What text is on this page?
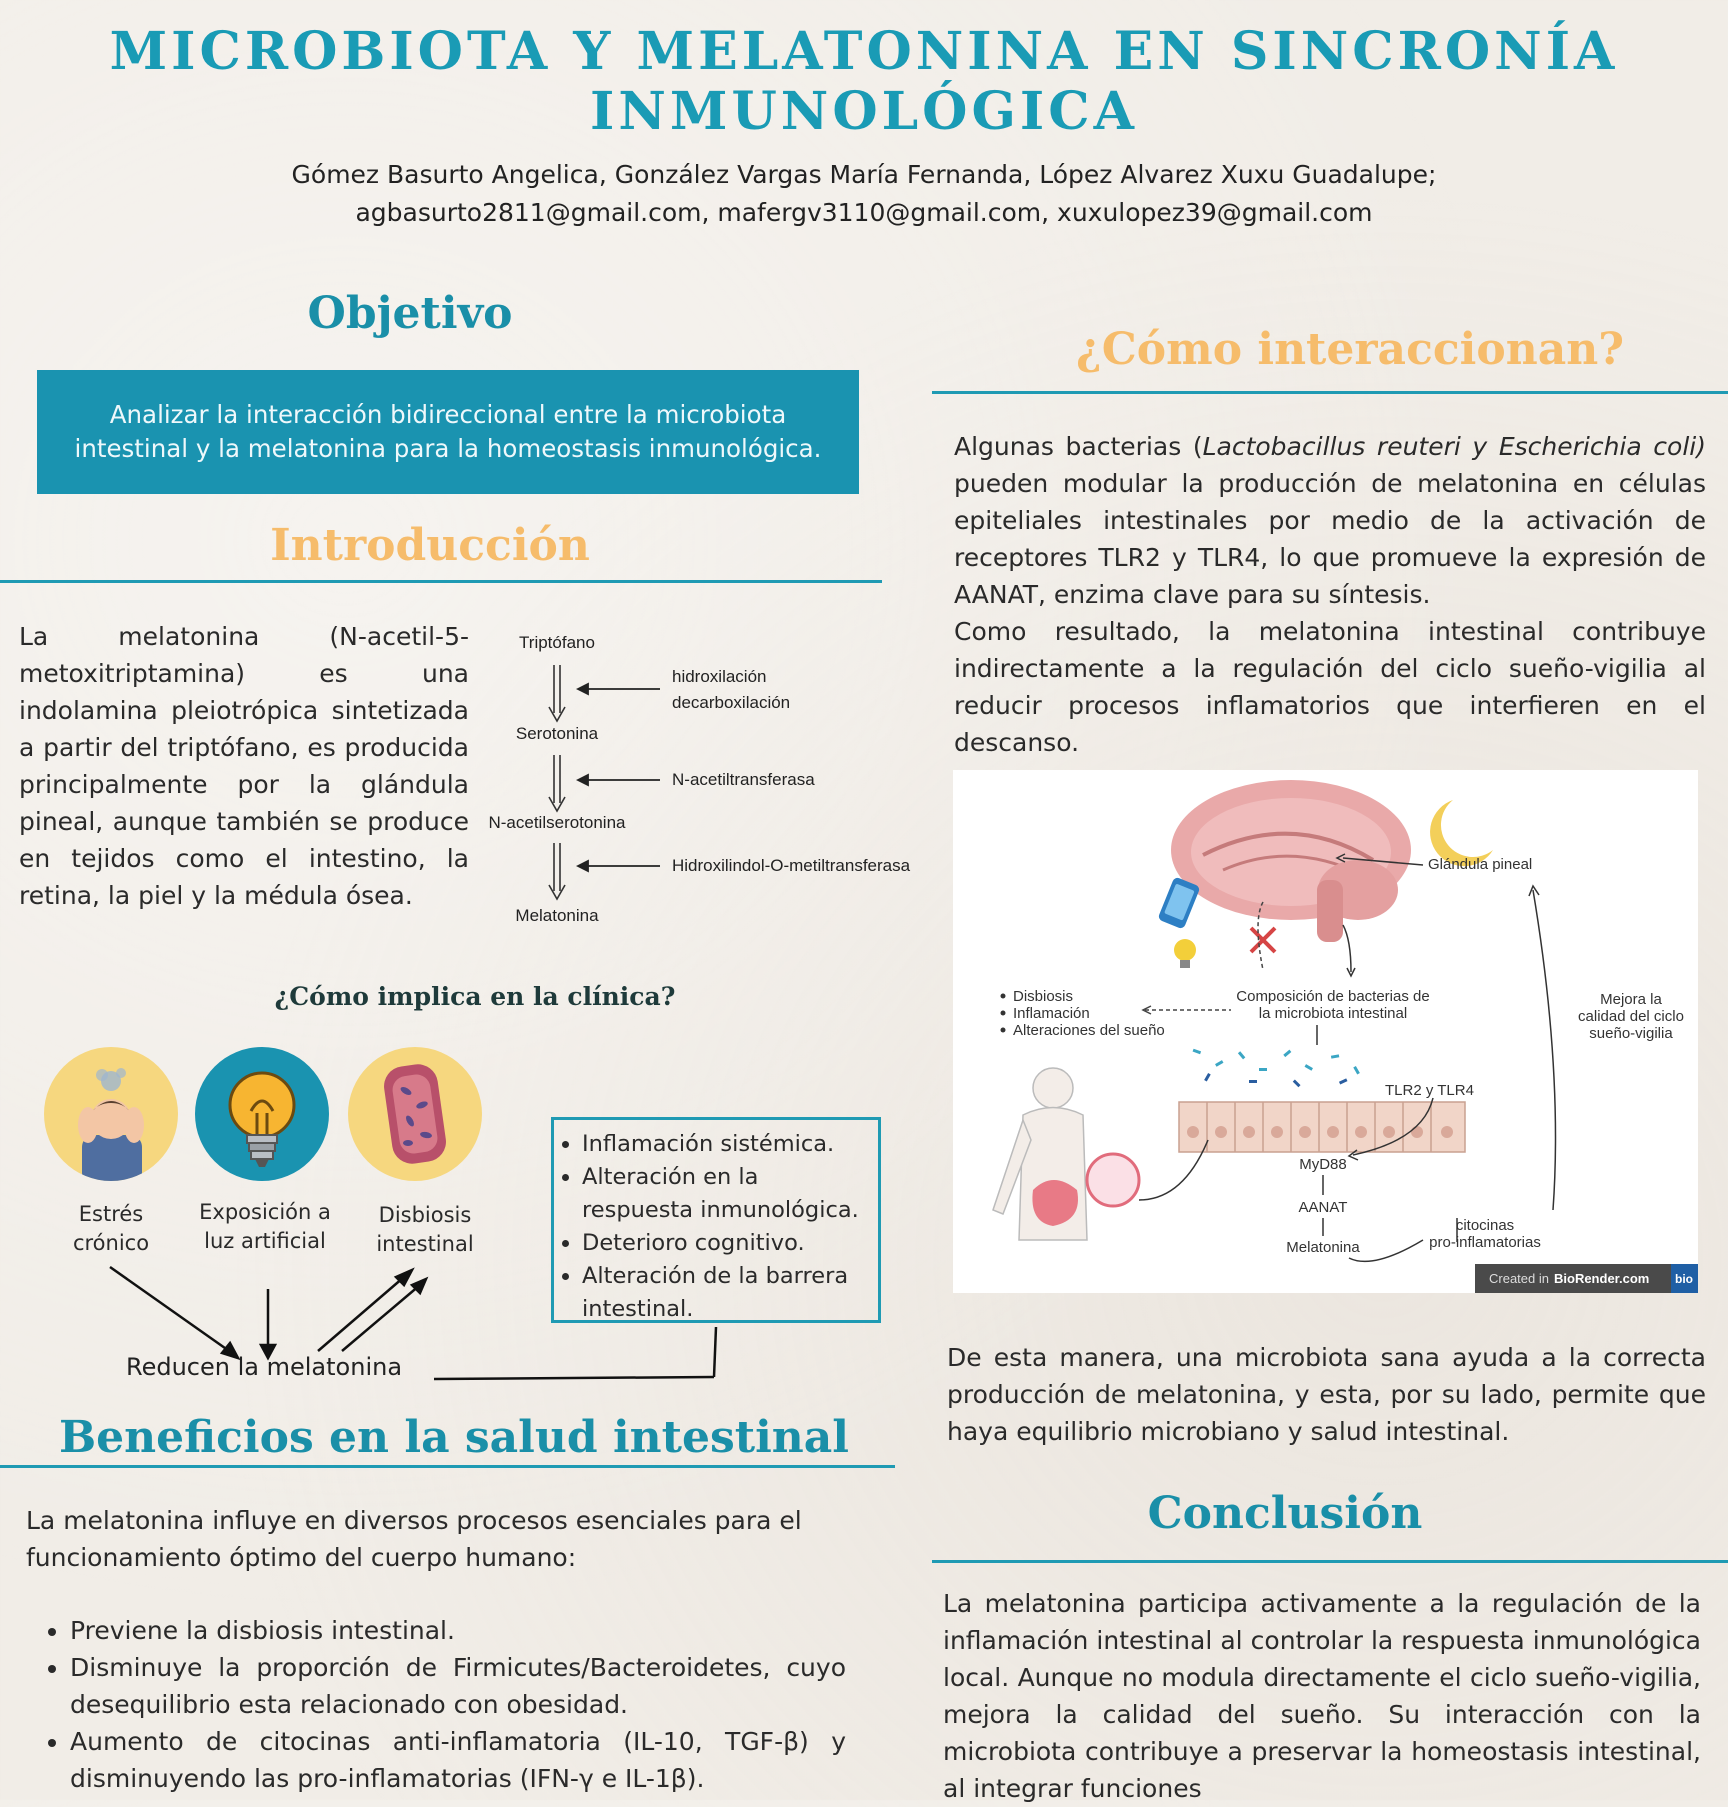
MICROBIOTA Y MELATONINA EN SINCRONÍA
INMUNOLÓGICA
Gómez Basurto Angelica, González Vargas María Fernanda, López Alvarez Xuxu Guadalupe;
agbasurto2811@gmail.com, mafergv3110@gmail.com, xuxulopez39@gmail.com
Objetivo
Analizar la interacción bidireccional entre la microbiota intestinal y la melatonina para la homeostasis inmunológica.
Introducción
La melatonina (N-acetil-5-metoxitriptamina) es una indolamina pleiotrópica sintetizada a partir del triptófano, es producida principalmente por la glándula pineal, aunque también se produce en tejidos como el intestino, la retina, la piel y la médula ósea.
Triptófano
Serotonina
N-acetilserotonina
Melatonina
hidroxilación
decarboxilación
N-acetiltransferasa
Hidroxilindol-O-metiltransferasa
¿Cómo implica en la clínica?
Estrés crónico
Exposición a luz artificial
Disbiosis intestinal
Reducen la melatonina
• Inflamación sistémica.
• Alteración en la respuesta inmunológica.
• Deterioro cognitivo.
• Alteración de la barrera intestinal.
Beneficios en la salud intestinal
La melatonina influye en diversos procesos esenciales para el funcionamiento óptimo del cuerpo humano:
• Previene la disbiosis intestinal.
• Disminuye la proporción de Firmicutes/Bacteroidetes, cuyo desequilibrio esta relacionado con obesidad.
• Aumento de citocinas anti-inflamatoria (IL-10, TGF-β) y disminuyendo las pro-inflamatorias (IFN-γ e IL-1β).
¿Cómo interaccionan?
Algunas bacterias (Lactobacillus reuteri y Escherichia coli) pueden modular la producción de melatonina en células epiteliales intestinales por medio de la activación de receptores TLR2 y TLR4, lo que promueve la expresión de AANAT, enzima clave para su síntesis.
Como resultado, la melatonina intestinal contribuye indirectamente a la regulación del ciclo sueño-vigilia al reducir procesos inflamatorios que interfieren en el descanso.
Glándula pineal
Disbiosis
Inflamación
Alteraciones del sueño
Composición de bacterias de
la microbiota intestinal
TLR2 y TLR4
MyD88
AANAT
Melatonina
citocinas
pro-inflamatorias
Mejora la
calidad del ciclo
sueño-vigilia
Created in BioRender.com bio
De esta manera, una microbiota sana ayuda a la correcta producción de melatonina, y esta, por su lado, permite que haya equilibrio microbiano y salud intestinal.
Conclusión
La melatonina participa activamente a la regulación de la inflamación intestinal al controlar la respuesta inmunológica local. Aunque no modula directamente el ciclo sueño-vigilia, mejora la calidad del sueño. Su interacción con la microbiota contribuye a preservar la homeostasis intestinal, al integrar funciones
